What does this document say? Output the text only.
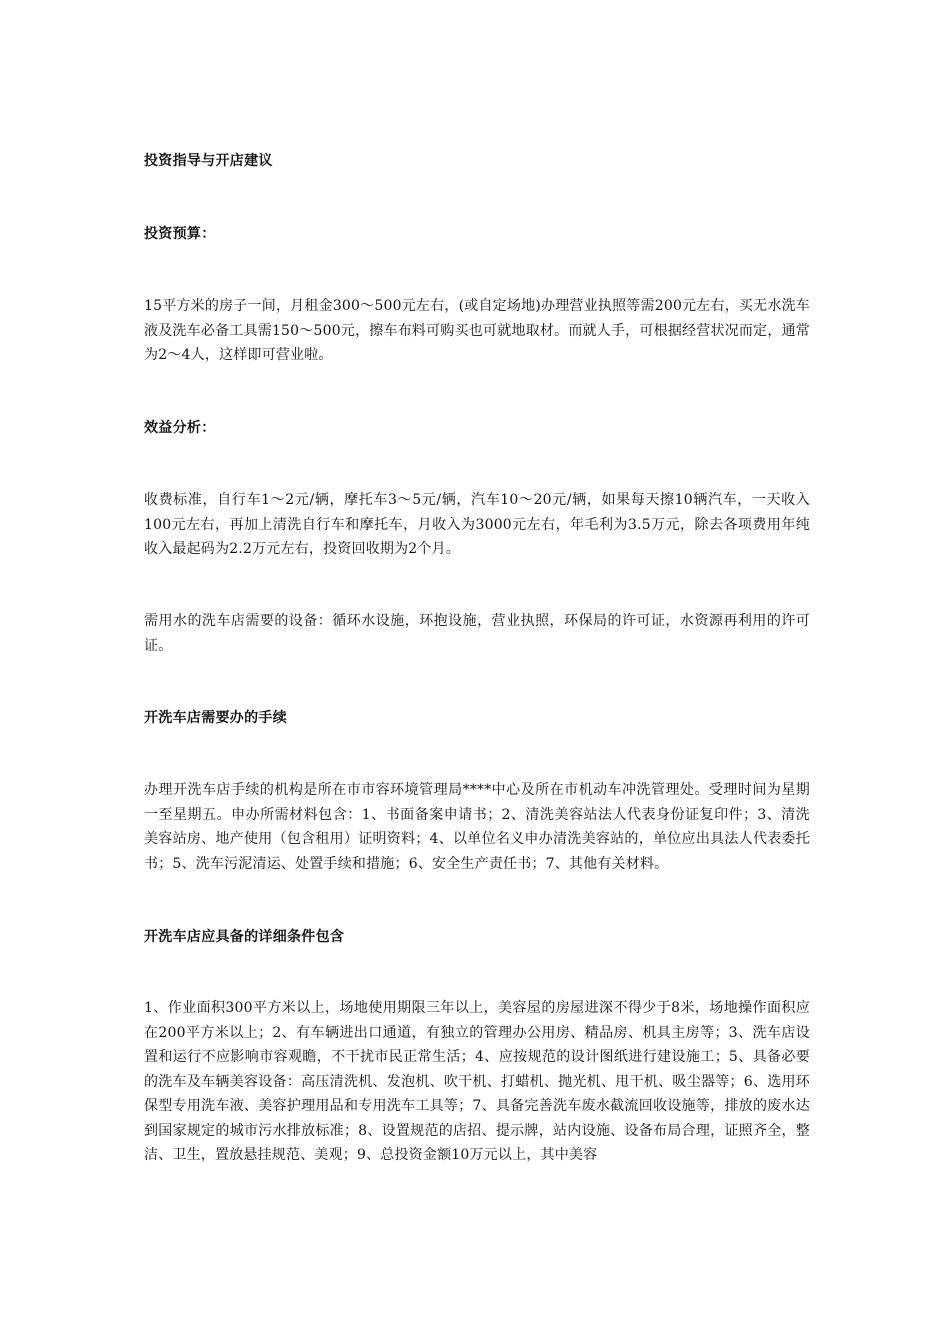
投资指导与开店建议
投资预算：
15平方米的房子一间，月租金300～500元左右，(或自定场地)办理营业执照等需200元左右，买无水洗车液及洗车必备工具需150～500元，擦车布料可购买也可就地取材。而就人手，可根据经营状况而定，通常为2～4人，这样即可营业啦。
效益分析：
收费标准，自行车1～2元/辆，摩托车3～5元/辆，汽车10～20元/辆，如果每天擦10辆汽车，一天收入100元左右，再加上清洗自行车和摩托车，月收入为3000元左右，年毛利为3.5万元，除去各项费用年纯收入最起码为2.2万元左右，投资回收期为2个月。
需用水的洗车店需要的设备：循环水设施，环抱设施，营业执照，环保局的许可证，水资源再利用的许可证。
开洗车店需要办的手续
办理开洗车店手续的机构是所在市市容环境管理局****中心及所在市机动车冲洗管理处。受理时间为星期一至星期五。申办所需材料包含：1、书面备案申请书；2、清洗美容站法人代表身份证复印件；3、清洗美容站房、地产使用（包含租用）证明资料；4、以单位名义申办清洗美容站的，单位应出具法人代表委托书；5、洗车污泥清运、处置手续和措施；6、安全生产责任书；7、其他有关材料。
开洗车店应具备的详细条件包含
1、作业面积300平方米以上，场地使用期限三年以上，美容屋的房屋进深不得少于8米，场地操作面积应在200平方米以上；2、有车辆进出口通道，有独立的管理办公用房、精品房、机具主房等；3、洗车店设置和运行不应影响市容观瞻，不干扰市民正常生活；4、应按规范的设计图纸进行建设施工；5、具备必要的洗车及车辆美容设备：高压清洗机、发泡机、吹干机、打蜡机、抛光机、甩干机、吸尘器等；6、选用环保型专用洗车液、美容护理用品和专用洗车工具等；7、具备完善洗车废水截流回收设施等，排放的废水达到国家规定的城市污水排放标准；8、设置规范的店招、提示牌，站内设施、设备布局合理，证照齐全，整洁、卫生，置放悬挂规范、美观；9、总投资金额10万元以上，其中美容
